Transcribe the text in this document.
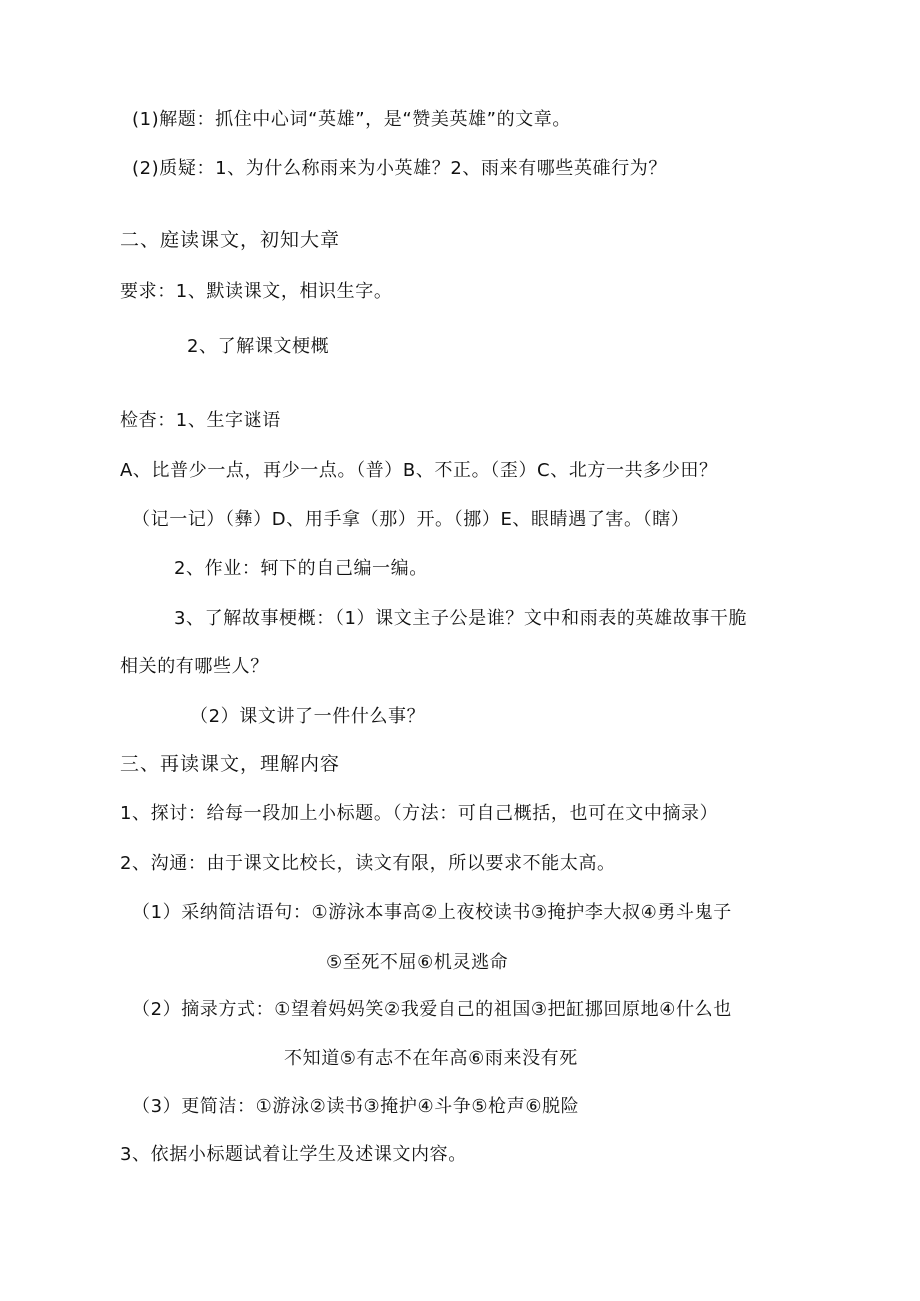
(1)解题：抓住中心词“英雄”，是“赞美英雄”的文章。
(2)质疑：1、为什么称雨来为小英雄？2、雨来有哪些英碓行为？
二、庭读课文，初知大章
要求：1、默读课文，相识生字。
2、了解课文梗概
检杳：1、生字谜语
A、比普少一点，再少一点。（普）B、不正。（歪）C、北方一共多少田？
（记一记）（彝）D、用手拿（那）开。（挪）E、眼睛遇了害。（瞎）
2、作业：轲下的自己编一编。
3、了解故事梗概：（1）课文主子公是谁？文中和雨表的英雄故事干脆
相关的有哪些人？
（2）课文讲了一件什么事？
三、再读课文，理解内容
1、探讨：给每一段加上小标题。（方法：可自己概括，也可在文中摘录）
2、沟通：由于课文比校长，读文有限，所以要求不能太高。
（1）采纳简洁语句：①游泳本事高②上夜校读书③掩护李大叔④勇斗鬼子
⑤至死不屈⑥机灵逃命
（2）摘录方式：①望着妈妈笑②我爱自己的祖国③把缸挪回原地④什么也
不知道⑤有志不在年高⑥雨来没有死
（3）更简洁：①游泳②读书③掩护④斗争⑤枪声⑥脱险
3、依据小标题试着让学生及述课文内容。
